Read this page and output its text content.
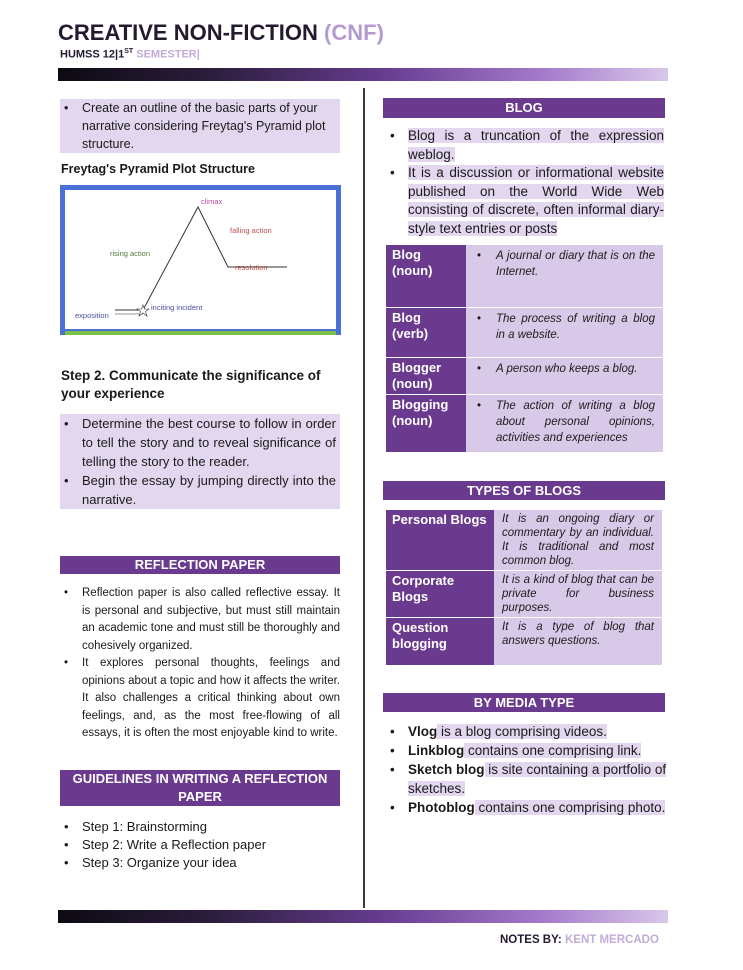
CREATIVE NON-FICTION (CNF)
HUMSS 12|1ST SEMESTER|
• Create an outline of the basic parts of your narrative considering Freytag's Pyramid plot structure.
Freytag's Pyramid Plot Structure
climax
falling action
rising action
resolution
inciting incident
exposition
Step 2. Communicate the significance of your experience
• Determine the best course to follow in order to tell the story and to reveal significance of telling the story to the reader.
• Begin the essay by jumping directly into the narrative.
REFLECTION PAPER
• Reflection paper is also called reflective essay. It is personal and subjective, but must still maintain an academic tone and must still be thoroughly and cohesively organized.
• It explores personal thoughts, feelings and opinions about a topic and how it affects the writer. It also challenges a critical thinking about own feelings, and, as the most free-flowing of all essays, it is often the most enjoyable kind to write.
GUIDELINES IN WRITING A REFLECTION PAPER
• Step 1: Brainstorming
• Step 2: Write a Reflection paper
• Step 3: Organize your idea
BLOG
• Blog is a truncation of the expression weblog.
• It is a discussion or informational website published on the World Wide Web consisting of discrete, often informal diary-style text entries or posts
Blog (noun)	• A journal or diary that is on the Internet.
Blog (verb)	• The process of writing a blog in a website.
Blogger (noun)	• A person who keeps a blog.
Blogging (noun)	• The action of writing a blog about personal opinions, activities and experiences
TYPES OF BLOGS
Personal Blogs	It is an ongoing diary or commentary by an individual. It is traditional and most common blog.
Corporate Blogs	It is a kind of blog that can be private for business purposes.
Question blogging	It is a type of blog that answers questions.
BY MEDIA TYPE
• Vlog is a blog comprising videos.
• Linkblog contains one comprising link.
• Sketch blog is site containing a portfolio of sketches.
• Photoblog contains one comprising photo.
NOTES BY: KENT MERCADO
